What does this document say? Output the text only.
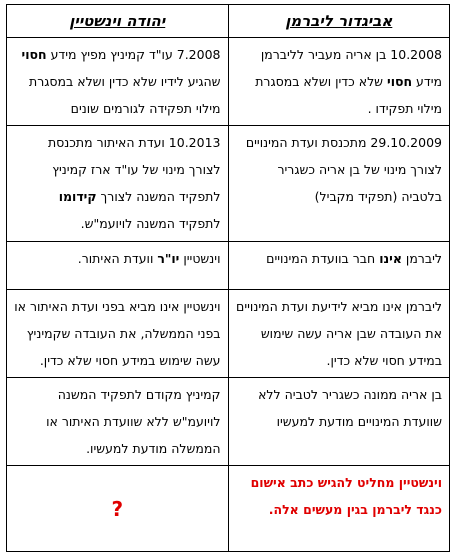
אביגדור ליברמן	יהודה וינשטיין
10.2008 בן אריה מעביר לליברמן מידע חסוי שלא כדין ושלא במסגרת מילוי תפקידו .	7.2008 עו"ד קמיניץ מפיץ מידע חסוי שהגיע לידיו שלא כדין ושלא במסגרת מילוי תפקידה לגורמים שונים
29.10.2009 מתכנסת ועדת המינויים לצורך מינוי של בן אריה כשגריר בלטביה (תפקיד מקביל)	10.2013 ועדת האיתור מתכנסת לצורך מינוי של עו"ד ארז קמיניץ לתפקיד המשנה לצורך קידומו לתפקיד המשנה לויועמ"ש.
ליברמן אינו חבר בוועדת המינויים	וינשטיין יו"ר וועדת האיתור.
ליברמן אינו מביא לידיעת ועדת המינויים את העובדה שבן אריה עשה שימוש במידע חסוי שלא כדין.	וינשטיין אינו מביא בפני ועדת האיתור או בפני הממשלה, את העובדה שקמיניץ עשה שימוש במידע חסוי שלא כדין.
בן אריה ממונה כשגריר לטביה ללא שוועדת המינויים מודעת למעשיו	קמיניץ מקודם לתפקיד המשנה לויועמ"ש ללא שוועדת האיתור או הממשלה מודעת למעשיו.
וינשטיין מחליט להגיש כתב אישום כנגד ליברמן בגין מעשים אלה.	?
